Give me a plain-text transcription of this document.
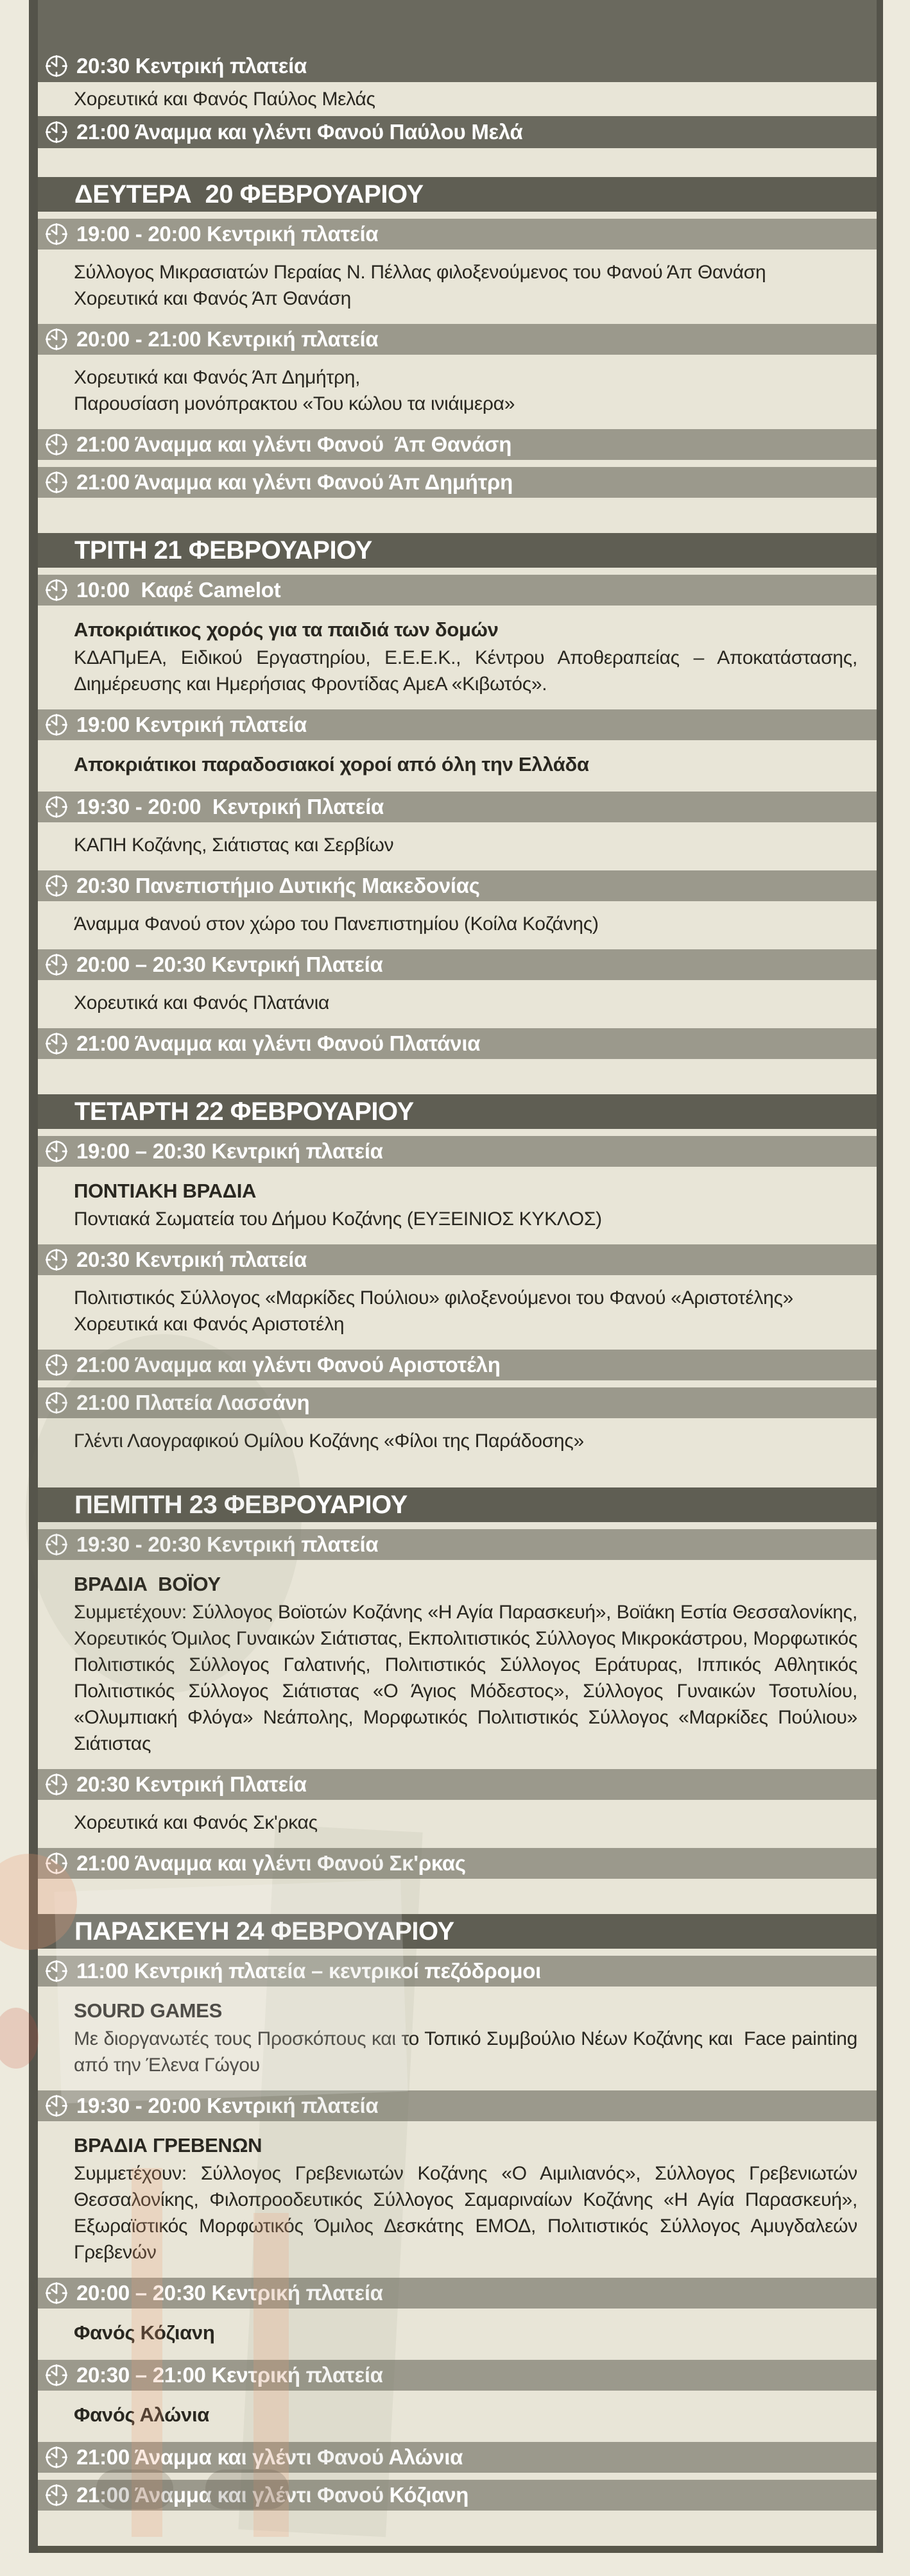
20:30 Κεντρική πλατεία

Χορευτικά και Φανός Παύλος Μελάς

21:00 Άναμμα και γλέντι Φανού Παύλου Μελά
ΔΕΥΤΕΡΑ  20 ΦΕΒΡΟΥΑΡΙΟΥ
19:00 - 20:00 Κεντρική πλατεία

Σύλλογος Μικρασιατών Περαίας Ν. Πέλλας φιλοξενούμενος του Φανού Άπ Θανάση

Χορευτικά και Φανός Άπ Θανάση

20:00 - 21:00 Κεντρική πλατεία

Χορευτικά και Φανός Άπ Δημήτρη,

Παρουσίαση μονόπρακτου «Του κώλου τα ινιάιμερα»

21:00 Άναμμα και γλέντι Φανού  Άπ Θανάση
21:00 Άναμμα και γλέντι Φανού Άπ Δημήτρη
ΤΡΙΤΗ 21 ΦΕΒΡΟΥΑΡΙΟΥ
10:00  Καφέ Camelot

Αποκριάτικος χορός για τα παιδιά των δομών

ΚΔΑΠμΕΑ, Ειδικού Εργαστηρίου, Ε.Ε.Ε.Κ., Κέντρου Αποθεραπείας – Αποκατάστασης, Διημέρευσης και Ημερήσιας Φροντίδας ΑμεΑ «Κιβωτός».

19:00 Κεντρική πλατεία

Αποκριάτικοι παραδοσιακοί χοροί από όλη την Ελλάδα

19:30 - 20:00  Κεντρική Πλατεία

ΚΑΠΗ Κοζάνης, Σιάτιστας και Σερβίων

20:30 Πανεπιστήμιο Δυτικής Μακεδονίας

Άναμμα Φανού στον χώρο του Πανεπιστημίου (Κοίλα Κοζάνης)

20:00 – 20:30 Κεντρική Πλατεία

Χορευτικά και Φανός Πλατάνια

21:00 Άναμμα και γλέντι Φανού Πλατάνια
ΤΕΤΑΡΤΗ 22 ΦΕΒΡΟΥΑΡΙΟΥ
19:00 – 20:30 Κεντρική πλατεία

ΠΟΝΤΙΑΚΗ ΒΡΑΔΙΑ

Ποντιακά Σωματεία του Δήμου Κοζάνης (ΕΥΞΕΙΝΙΟΣ ΚΥΚΛΟΣ)

20:30 Κεντρική πλατεία

Πολιτιστικός Σύλλογος «Μαρκίδες Πούλιου» φιλοξενούμενοι του Φανού «Αριστοτέλης»

Χορευτικά και Φανός Αριστοτέλη

21:00 Άναμμα και γλέντι Φανού Αριστοτέλη
21:00 Πλατεία Λασσάνη

Γλέντι Λαογραφικού Ομίλου Κοζάνης «Φίλοι της Παράδοσης»

ΠΕΜΠΤΗ 23 ΦΕΒΡΟΥΑΡΙΟΥ
19:30 - 20:30 Κεντρική πλατεία

ΒΡΑΔΙΑ  ΒΟΪΟΥ

Συμμετέχουν: Σύλλογος Βοϊοτών Κοζάνης «Η Αγία Παρασκευή», Βοϊάκη Εστία Θεσσαλονίκης, Χορευτικός Όμιλος Γυναικών Σιάτιστας, Εκπολιτιστικός Σύλλογος Μικροκάστρου, Μορφωτικός Πολιτιστικός Σύλλογος Γαλατινής, Πολιτιστικός Σύλλογος Εράτυρας, Ιππικός Αθλητικός Πολιτιστικός Σύλλογος Σιάτιστας «Ο Άγιος Μόδεστος», Σύλλογος Γυναικών Τσοτυλίου, «Ολυμπιακή Φλόγα» Νεάπολης, Μορφωτικός Πολιτιστικός Σύλλογος «Μαρκίδες Πούλιου» Σιάτιστας

20:30 Κεντρική Πλατεία

Χορευτικά και Φανός Σκ'ρκας

21:00 Άναμμα και γλέντι Φανού Σκ'ρκας
ΠΑΡΑΣΚΕΥΗ 24 ΦΕΒΡΟΥΑΡΙΟΥ
11:00 Κεντρική πλατεία – κεντρικοί πεζόδρομοι

SOURD GAMES

Με διοργανωτές τους Προσκόπους και το Τοπικό Συμβούλιο Νέων Κοζάνης και  Face painting από την Έλενα Γώγου

19:30 - 20:00 Κεντρική πλατεία

ΒΡΑΔΙΑ ΓΡΕΒΕΝΩΝ

Συμμετέχουν: Σύλλογος Γρεβενιωτών Κοζάνης «Ο Αιμιλιανός», Σύλλογος Γρεβενιωτών Θεσσαλονίκης, Φιλοπροοδευτικός Σύλλογος Σαμαριναίων Κοζάνης «Η Αγία Παρασκευή», Εξωραϊστικός Μορφωτικός Όμιλος Δεσκάτης ΕΜΟΔ, Πολιτιστικός Σύλλογος Αμυγδαλεών Γρεβενών

20:00 – 20:30 Κεντρική πλατεία

Φανός Κόζιανη

20:30 – 21:00 Κεντρική πλατεία

Φανός Αλώνια

21:00 Άναμμα και γλέντι Φανού Αλώνια
21:00 Άναμμα και γλέντι Φανού Κόζιανη
